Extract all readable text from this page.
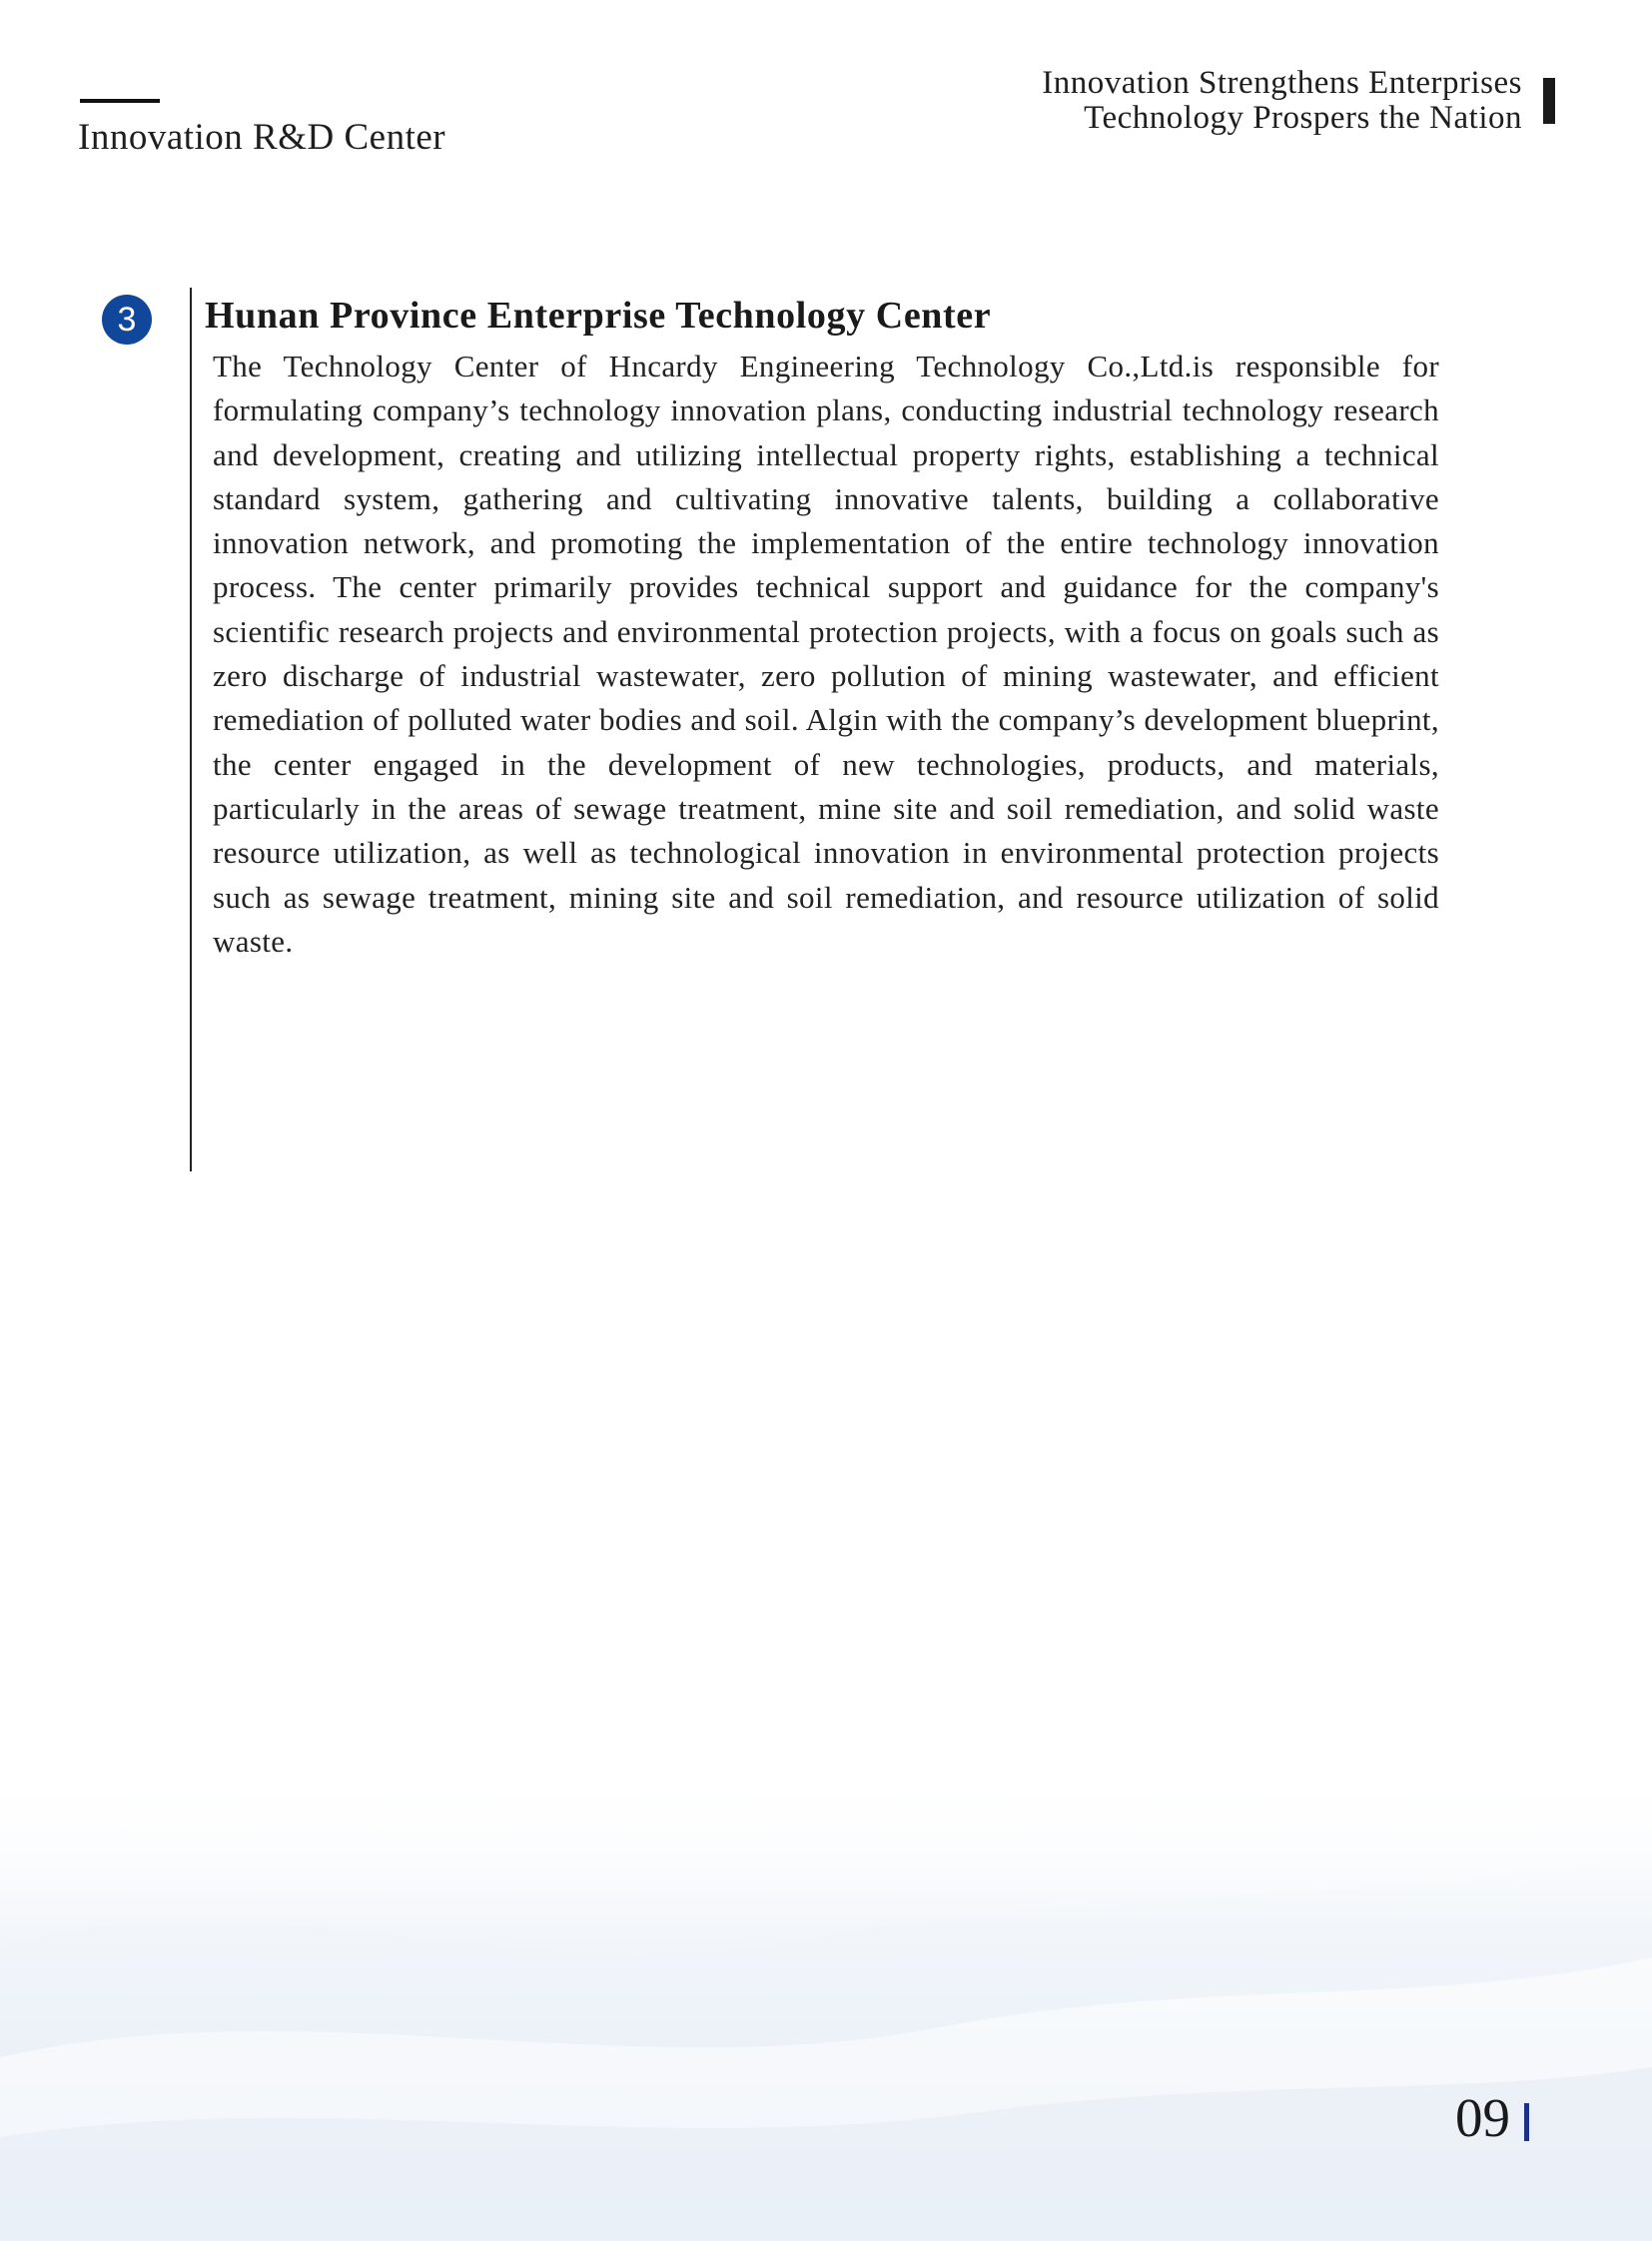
Innovation R&D Center
Innovation Strengthens Enterprises
Technology Prospers the Nation
3	Hunan Province Enterprise Technology Center

The Technology Center of Hncardy Engineering Technology Co.,Ltd.is responsible for formulating company’s technology innovation plans, conducting industrial technology research and development, creating and utilizing intellectual property rights, establishing a technical standard system, gathering and cultivating innovative talents, building a collaborative innovation network, and promoting the implementation of the entire technology innovation process. The center primarily provides technical support and guidance for the company's scientific research projects and environmental protection projects, with a focus on goals such as zero discharge of industrial wastewater, zero pollution of mining wastewater, and efficient remediation of polluted water bodies and soil. Algin with the company’s development blueprint, the center engaged in the development of new technologies, products, and materials, particularly in the areas of sewage treatment, mine site and soil remediation, and solid waste resource utilization, as well as technological innovation in environmental protection projects such as sewage treatment, mining site and soil remediation, and resource utilization of solid waste.

09
